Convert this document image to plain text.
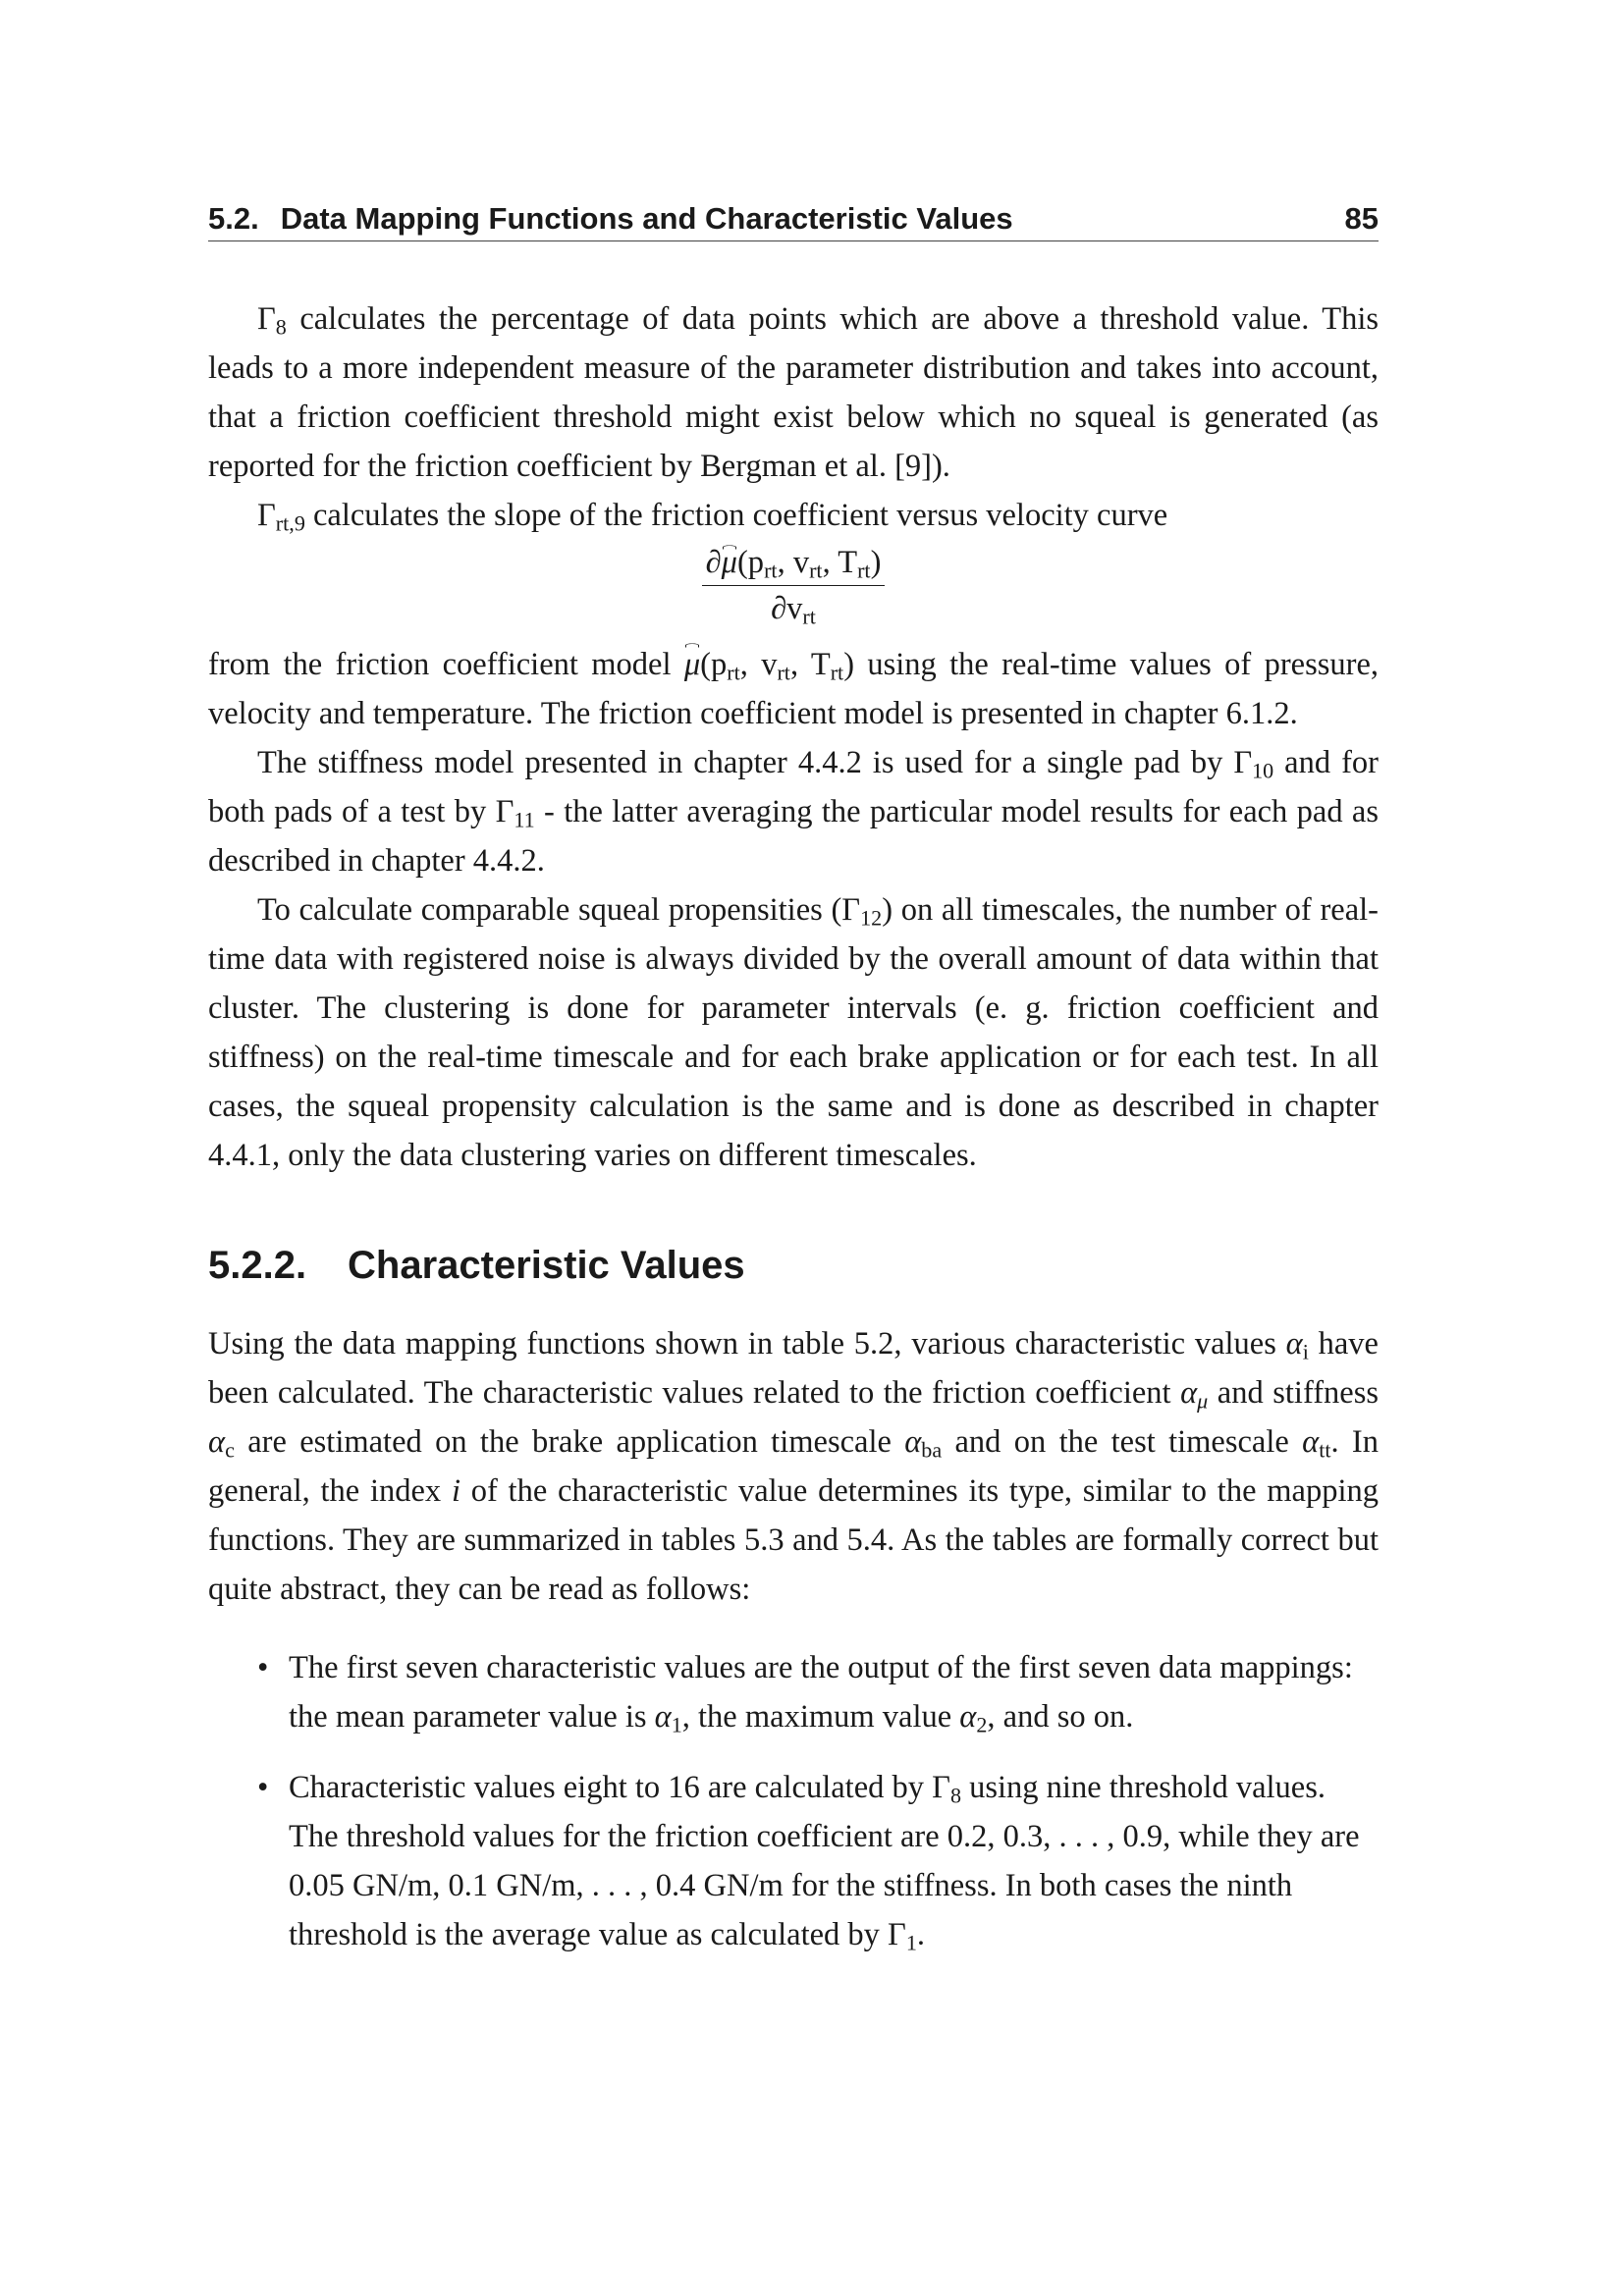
5.2. Data Mapping Functions and Characteristic Values	85

$\Gamma_8$ calculates the percentage of data points which are above a threshold value. This leads to a more independent measure of the parameter distribution and takes into account, that a friction coefficient threshold might exist below which no squeal is generated (as reported for the friction coefficient by Bergman et al. [9]).

$\Gamma_{rt,9}$ calculates the slope of the friction coefficient versus velocity curve

$\frac{\partial\mu(p_{rt}, v_{rt}, T_{rt})}{\partial v_{rt}}$

from the friction coefficient model $\mu(p_{rt}$, $v_{rt}$, $T_{rt}$) using the real-time values of pressure, velocity and temperature. The friction coefficient model is presented in chapter 6.1.2.

The stiffness model presented in chapter 4.4.2 is used for a single pad by $\Gamma_{10}$ and for both pads of a test by $\Gamma_{11}$ - the latter averaging the particular model results for each pad as described in chapter 4.4.2.

To calculate comparable squeal propensities $(\Gamma_{12})$ on all timescales, the number of real-time data with registered noise is always divided by the overall amount of data within that cluster. The clustering is done for parameter intervals (e. g. friction coefficient and stiffness) on the real-time timescale and for each brake application or for each test. In all cases, the squeal propensity calculation is the same and is done as described in chapter 4.4.1, only the data clustering varies on different timescales.

5.2.2. Characteristic Values

Using the data mapping functions shown in table 5.2, various characteristic values $\alpha_i$ have been calculated. The characteristic values related to the friction coefficient $\alpha_\mu$ and stiffness $\alpha_c$ are estimated on the brake application timescale $\alpha_{ba}$ and on the test timescale $\alpha_{tt}$. In general, the index i of the characteristic value determines its type, similar to the mapping functions. They are summarized in tables 5.3 and 5.4. As the tables are formally correct but quite abstract, they can be read as follows:

• The first seven characteristic values are the output of the first seven data mappings: the mean parameter value is $\alpha_1$, the maximum value $\alpha_2$, and so on.
• Characteristic values eight to 16 are calculated by $\Gamma_8$ using nine threshold values. The threshold values for the friction coefficient are 0.2, 0.3, . . . , 0.9, while they are 0.05 GN/m, 0.1 GN/m, . . . , 0.4 GN/m for the stiffness. In both cases the ninth threshold is the average value as calculated by $\Gamma_1$.
